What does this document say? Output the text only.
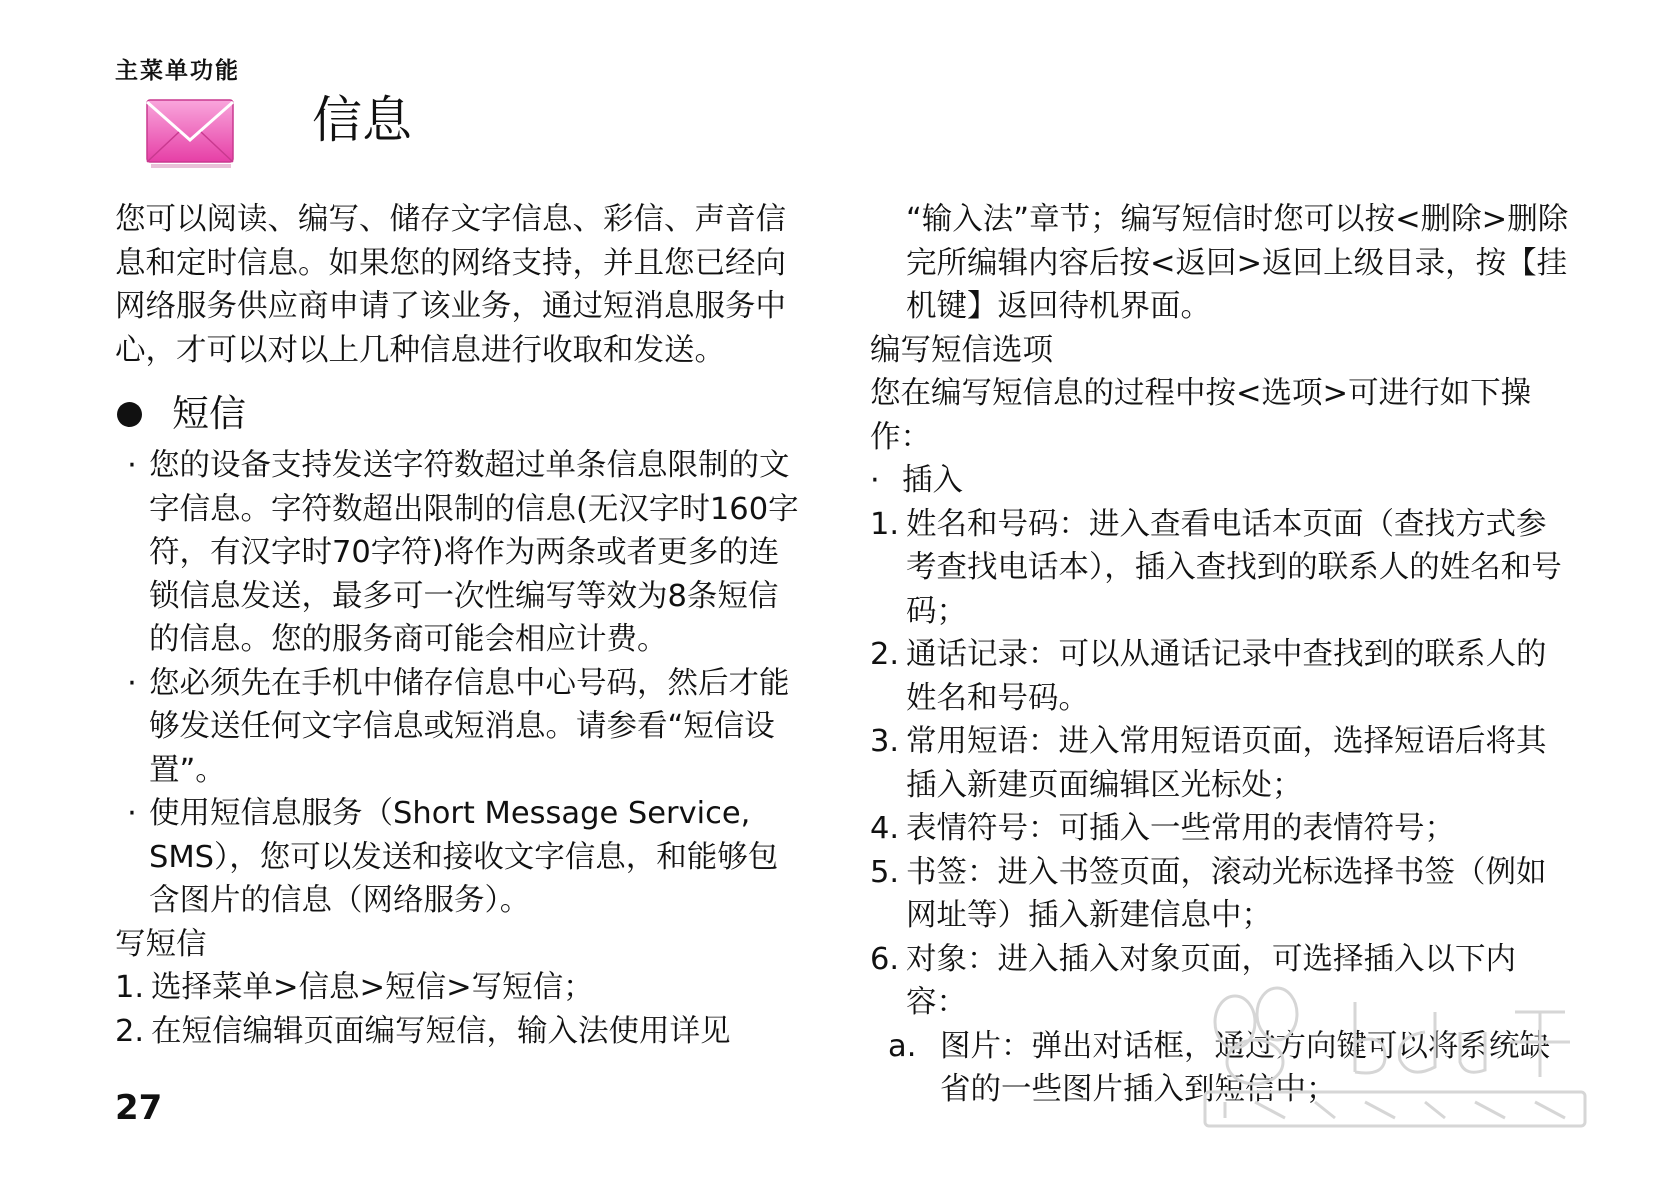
主菜单功能
信息

您可以阅读、编写、储存文字信息、彩信、声音信息和定时信息。如果您的网络支持，并且您已经向网络服务供应商申请了该业务，通过短消息服务中心，才可以对以上几种信息进行收取和发送。

短信
· 您的设备支持发送字符数超过单条信息限制的文字信息。字符数超出限制的信息(无汉字时160字符，有汉字时70字符)将作为两条或者更多的连锁信息发送，最多可一次性编写等效为8条短信的信息。您的服务商可能会相应计费。
· 您必须先在手机中储存信息中心号码，然后才能够发送任何文字信息或短消息。请参看“短信设置”。
· 使用短信息服务（Short Message Service, SMS），您可以发送和接收文字信息，和能够包含图片的信息（网络服务）。

写短信

1. 选择菜单>信息>短信>写短信；
2. 在短信编辑页面编写短信，输入法使用详见

“输入法”章节；编写短信时您可以按<删除>删除完所编辑内容后按<返回>返回上级目录，按【挂机键】返回待机界面。

编写短信选项

您在编写短信息的过程中按<选项>可进行如下操作：

· 插入
1. 姓名和号码：进入查看电话本页面（查找方式参考查找电话本），插入查找到的联系人的姓名和号码；
2. 通话记录：可以从通话记录中查找到的联系人的姓名和号码。
3. 常用短语：进入常用短语页面，选择短语后将其插入新建页面编辑区光标处；
4. 表情符号：可插入一些常用的表情符号；
5. 书签：进入书签页面，滚动光标选择书签（例如网址等）插入新建信息中；
6. 对象：进入插入对象页面，可选择插入以下内容：
a. 图片：弹出对话框，通过方向键可以将系统缺省的一些图片插入到短信中；
27
